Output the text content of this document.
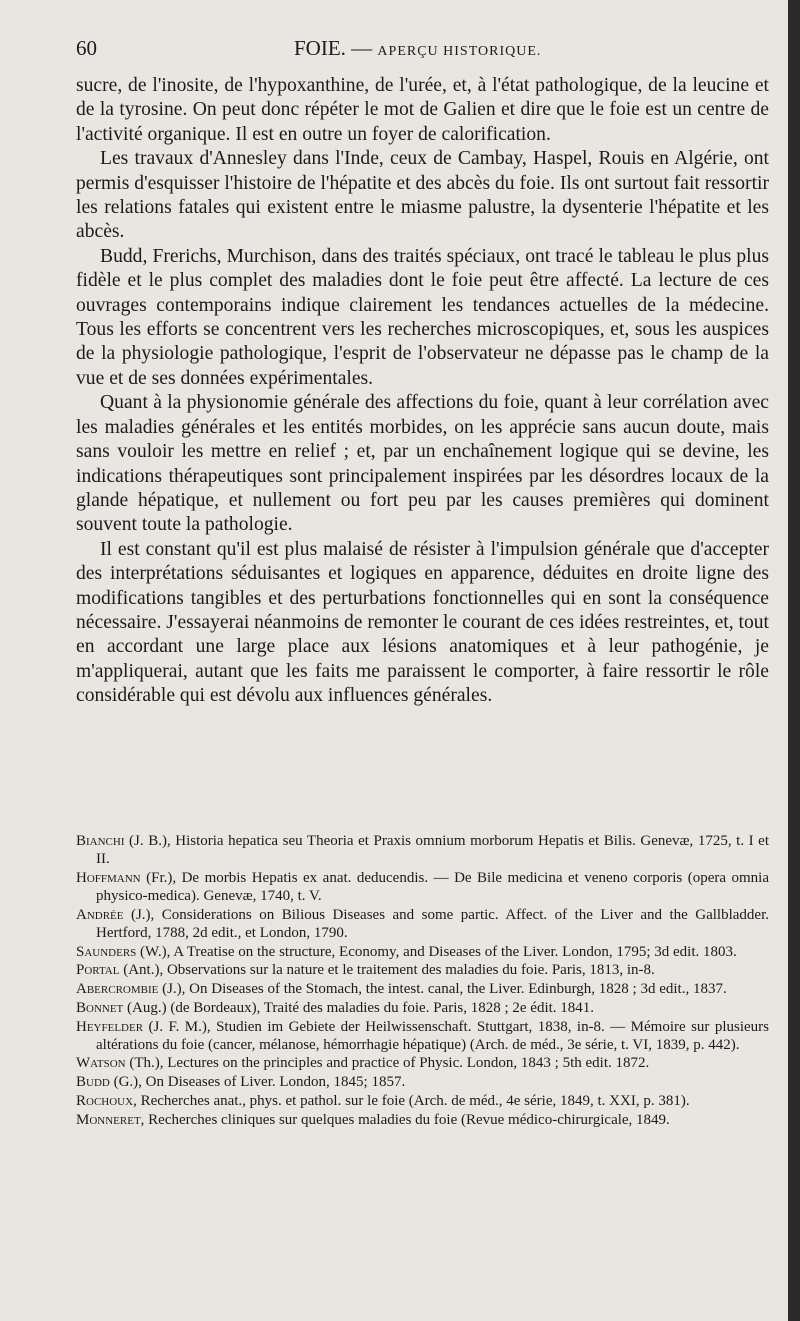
60	FOIE. — APERÇU HISTORIQUE.

sucre, de l'inosite, de l'hypoxanthine, de l'urée, et, à l'état pathologique, de la leucine et de la tyrosine. On peut donc répéter le mot de Galien et dire que le foie est un centre de l'activité organique. Il est en outre un foyer de calorification.

Les travaux d'Annesley dans l'Inde, ceux de Cambay, Haspel, Rouis en Algérie, ont permis d'esquisser l'histoire de l'hépatite et des abcès du foie. Ils ont surtout fait ressortir les relations fatales qui existent entre le miasme palustre, la dysenterie l'hépatite et les abcès.

Budd, Frerichs, Murchison, dans des traités spéciaux, ont tracé le tableau le plus plus fidèle et le plus complet des maladies dont le foie peut être affecté. La lecture de ces ouvrages contemporains indique clairement les tendances actuelles de la médecine. Tous les efforts se concentrent vers les recherches microscopiques, et, sous les auspices de la physiologie pathologique, l'esprit de l'observateur ne dépasse pas le champ de la vue et de ses données expérimentales.

Quant à la physionomie générale des affections du foie, quant à leur corrélation avec les maladies générales et les entités morbides, on les apprécie sans aucun doute, mais sans vouloir les mettre en relief ; et, par un enchaînement logique qui se devine, les indications thérapeutiques sont principalement inspirées par les désordres locaux de la glande hépatique, et nullement ou fort peu par les causes premières qui dominent souvent toute la pathologie.

Il est constant qu'il est plus malaisé de résister à l'impulsion générale que d'accepter des interprétations séduisantes et logiques en apparence, déduites en droite ligne des modifications tangibles et des perturbations fonctionnelles qui en sont la conséquence nécessaire. J'essayerai néanmoins de remonter le courant de ces idées restreintes, et, tout en accordant une large place aux lésions anatomiques et à leur pathogénie, je m'appliquerai, autant que les faits me paraissent le comporter, à faire ressortir le rôle considérable qui est dévolu aux influences générales.

Bianchi (J. B.), Historia hepatica seu Theoria et Praxis omnium morborum Hepatis et Bilis. Genevæ, 1725, t. I et II.

Hoffmann (Fr.), De morbis Hepatis ex anat. deducendis. — De Bile medicina et veneno corporis (opera omnia physico-medica). Genevæ, 1740, t. V.

Andrée (J.), Considerations on Bilious Diseases and some partic. Affect. of the Liver and the Gallbladder. Hertford, 1788, 2d edit., et London, 1790.

Saunders (W.), A Treatise on the structure, Economy, and Diseases of the Liver. London, 1795; 3d edit. 1803.

Portal (Ant.), Observations sur la nature et le traitement des maladies du foie. Paris, 1813, in-8.

Abercrombie (J.), On Diseases of the Stomach, the intest. canal, the Liver. Edinburgh, 1828 ; 3d edit., 1837.

Bonnet (Aug.) (de Bordeaux), Traité des maladies du foie. Paris, 1828 ; 2e édit. 1841.

Heyfelder (J. F. M.), Studien im Gebiete der Heilwissenschaft. Stuttgart, 1838, in-8. — Mémoire sur plusieurs altérations du foie (cancer, mélanose, hémorrhagie hépatique) (Arch. de méd., 3e série, t. VI, 1839, p. 442).

Watson (Th.), Lectures on the principles and practice of Physic. London, 1843 ; 5th edit. 1872.

Budd (G.), On Diseases of Liver. London, 1845; 1857.

Rochoux, Recherches anat., phys. et pathol. sur le foie (Arch. de méd., 4e série, 1849, t. XXI, p. 381).

Monneret, Recherches cliniques sur quelques maladies du foie (Revue médico-chirurgicale, 1849.
